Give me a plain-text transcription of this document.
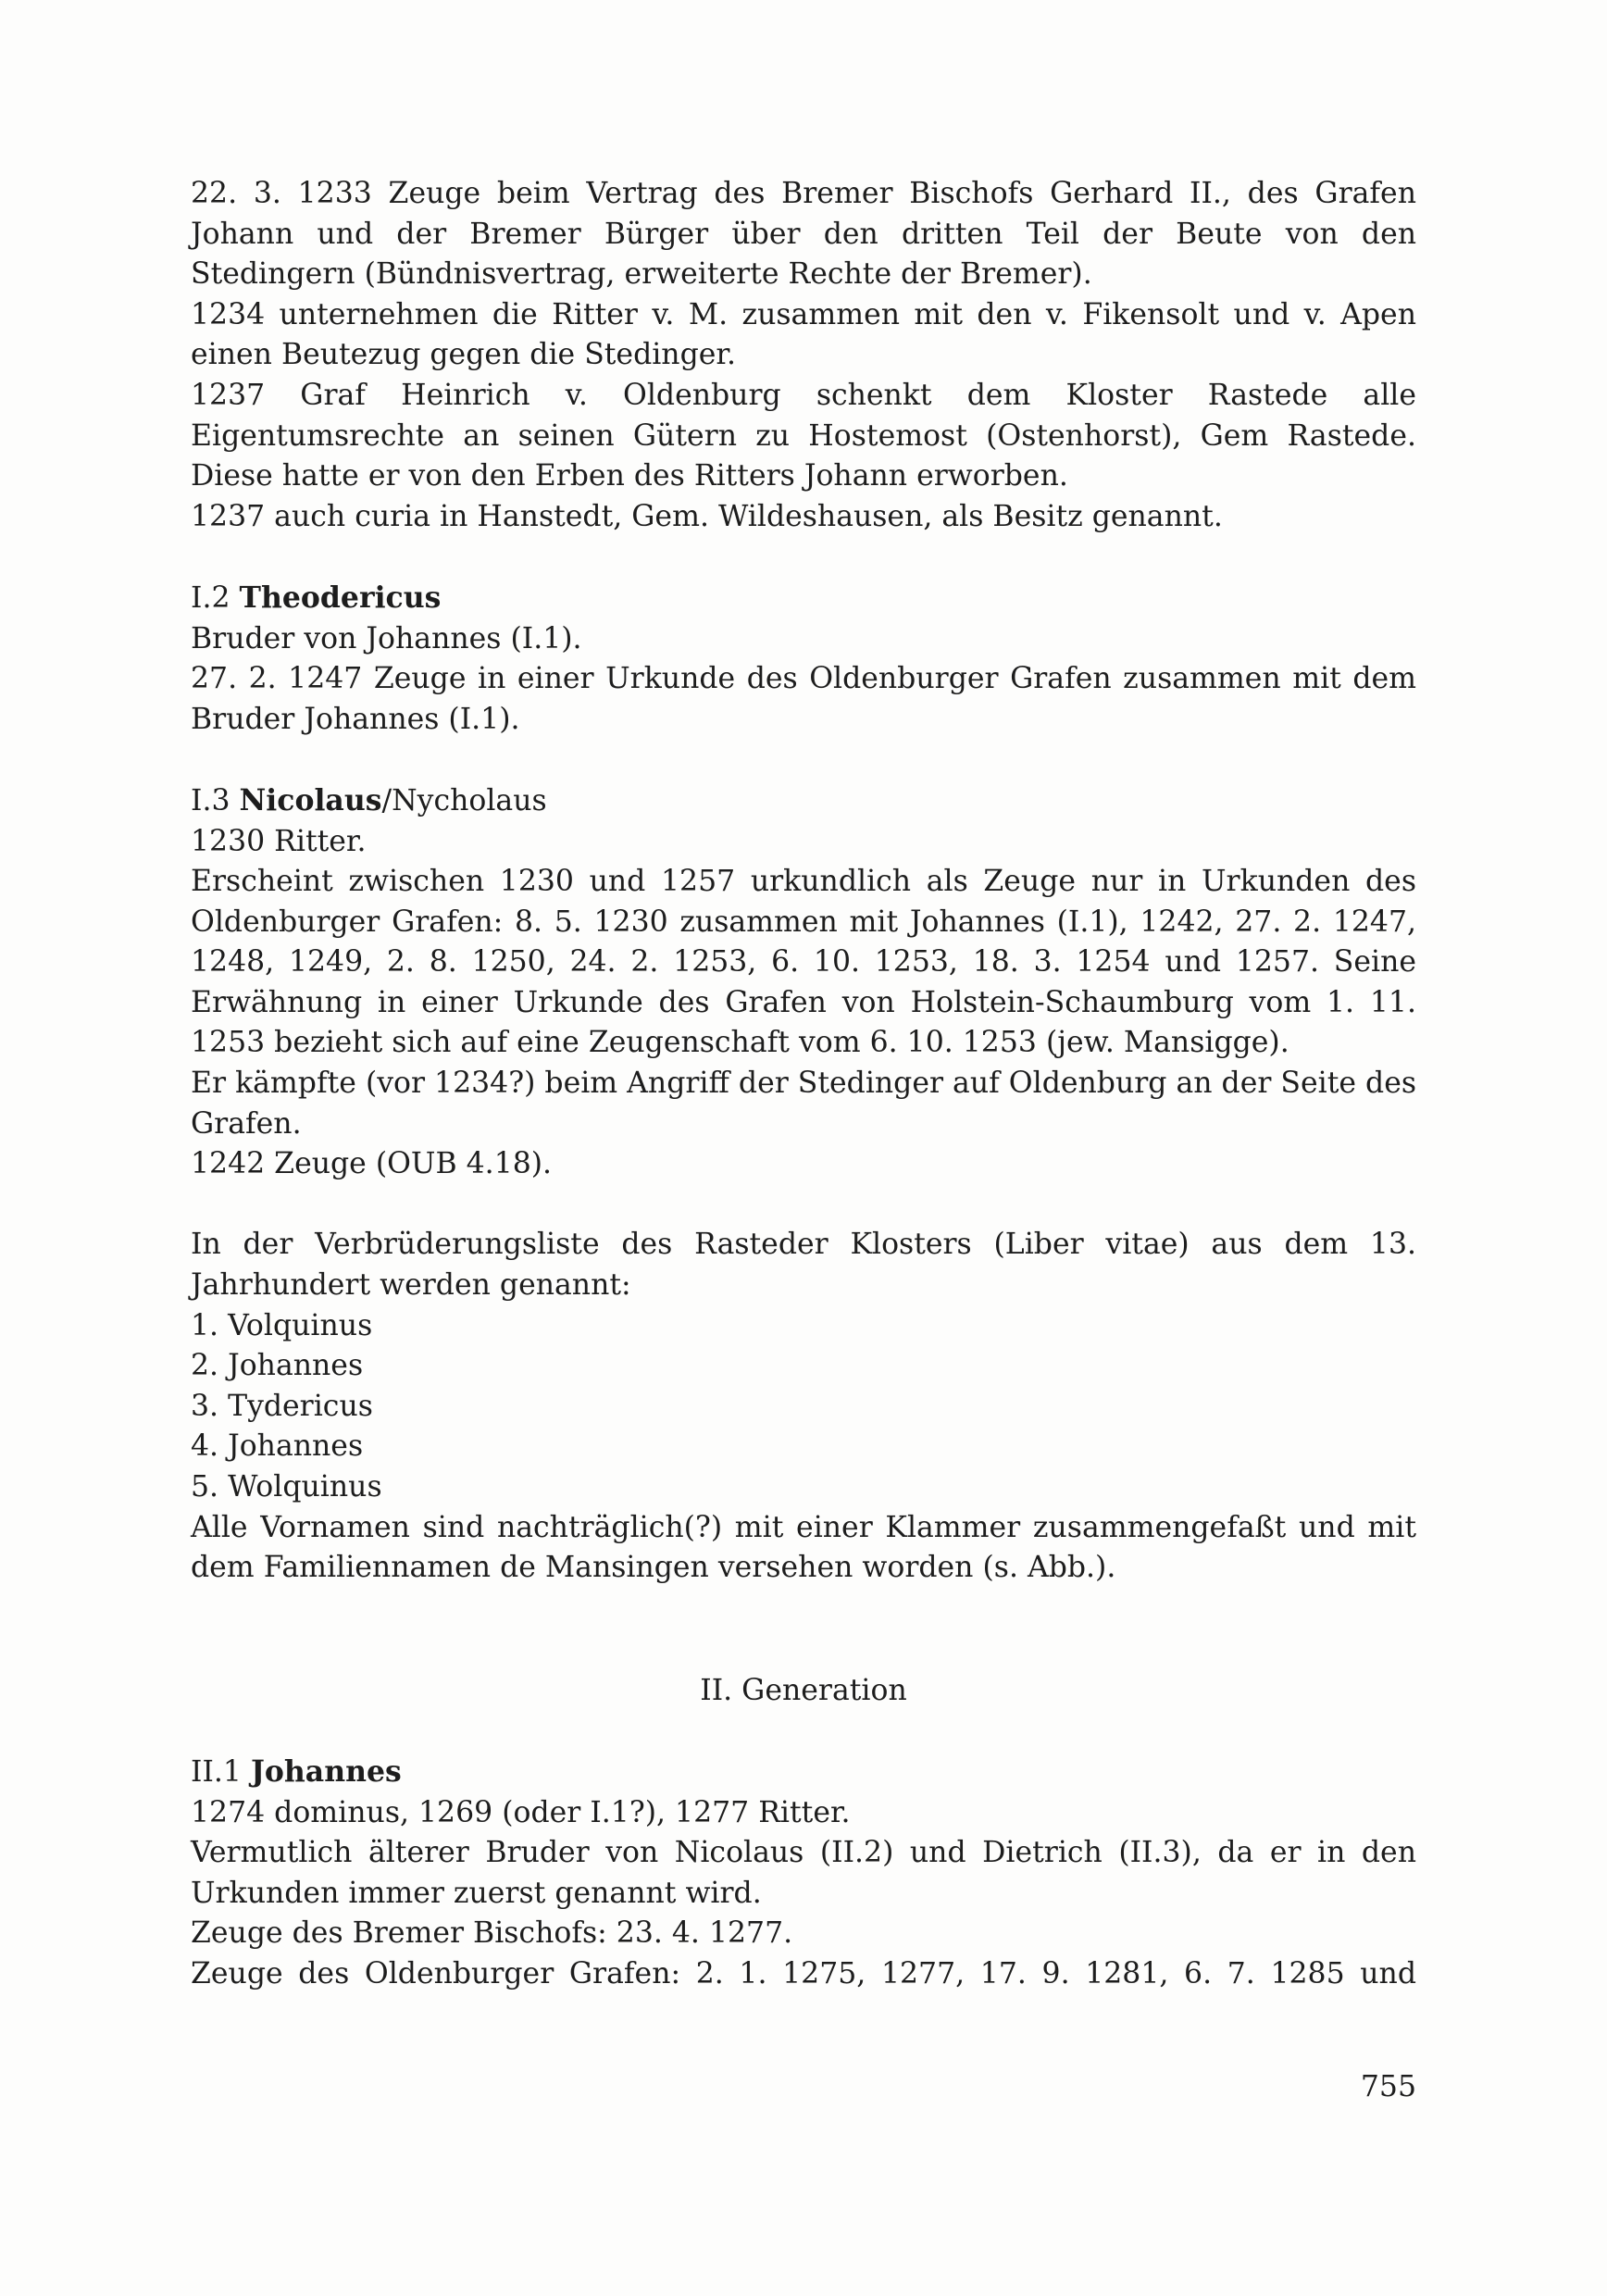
22. 3. 1233 Zeuge beim Vertrag des Bremer Bischofs Gerhard II., des Grafen Johann und der Bremer Bürger über den dritten Teil der Beute von den Stedingern (Bündnisvertrag, erweiterte Rechte der Bremer).
1234 unternehmen die Ritter v. M. zusammen mit den v. Fikensolt und v. Apen einen Beutezug gegen die Stedinger.
1237 Graf Heinrich v. Oldenburg schenkt dem Kloster Rastede alle Eigentumsrechte an seinen Gütern zu Hostemost (Ostenhorst), Gem Rastede. Diese hatte er von den Erben des Ritters Johann erworben.
1237 auch curia in Hanstedt, Gem. Wildeshausen, als Besitz genannt.
I.2 Theodericus
Bruder von Johannes (I.1).
27. 2. 1247 Zeuge in einer Urkunde des Oldenburger Grafen zusammen mit dem Bruder Johannes (I.1).
I.3 Nicolaus/Nycholaus
1230 Ritter.
Erscheint zwischen 1230 und 1257 urkundlich als Zeuge nur in Urkunden des Oldenburger Grafen: 8. 5. 1230 zusammen mit Johannes (I.1), 1242, 27. 2. 1247, 1248, 1249, 2. 8. 1250, 24. 2. 1253, 6. 10. 1253, 18. 3. 1254 und 1257. Seine Erwähnung in einer Urkunde des Grafen von Holstein-Schaumburg vom 1. 11. 1253 bezieht sich auf eine Zeugenschaft vom 6. 10. 1253 (jew. Mansigge).
Er kämpfte (vor 1234?) beim Angriff der Stedinger auf Oldenburg an der Seite des Grafen.
1242 Zeuge (OUB 4.18).
In der Verbrüderungsliste des Rasteder Klosters (Liber vitae) aus dem 13. Jahrhundert werden genannt:
1. Volquinus
2. Johannes
3. Tydericus
4. Johannes
5. Wolquinus
Alle Vornamen sind nachträglich(?) mit einer Klammer zusammengefaßt und mit dem Familiennamen de Mansingen versehen worden (s. Abb.).
II. Generation
II.1 Johannes
1274 dominus, 1269 (oder I.1?), 1277 Ritter.
Vermutlich älterer Bruder von Nicolaus (II.2) und Dietrich (II.3), da er in den Urkunden immer zuerst genannt wird.
Zeuge des Bremer Bischofs: 23. 4. 1277.
Zeuge des Oldenburger Grafen: 2. 1. 1275, 1277, 17. 9. 1281, 6. 7. 1285 und
755
